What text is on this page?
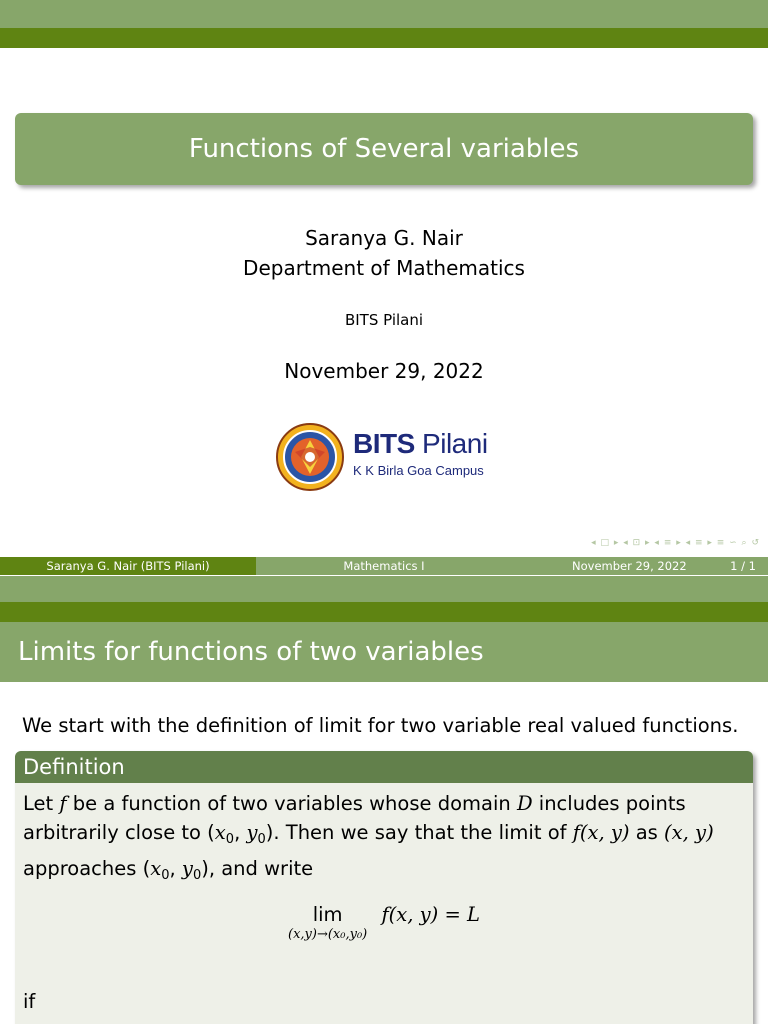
Functions of Several variables
Saranya G. Nair
Department of Mathematics
BITS Pilani
November 29, 2022
BITS Pilani
K K Birla Goa Campus
◂ □ ▸ ◂ ⊡ ▸ ◂ ≡ ▸ ◂ ≡ ▸ ≡ ∽ ⌕ ↺
Saranya G. Nair (BITS Pilani)	Mathematics I	November 29, 2022	1 / 1
Limits for functions of two variables
We start with the definition of limit for two variable real valued functions.
Definition
Let f be a function of two variables whose domain D includes points
arbitrarily close to ($x_0$, $y_0$). Then we say that the limit of f(x, y) as (x, y)
approaches ($x_0$, $y_0$), and write
lim
(x,y)→(x₀,y₀)
f(x, y) = L
if
